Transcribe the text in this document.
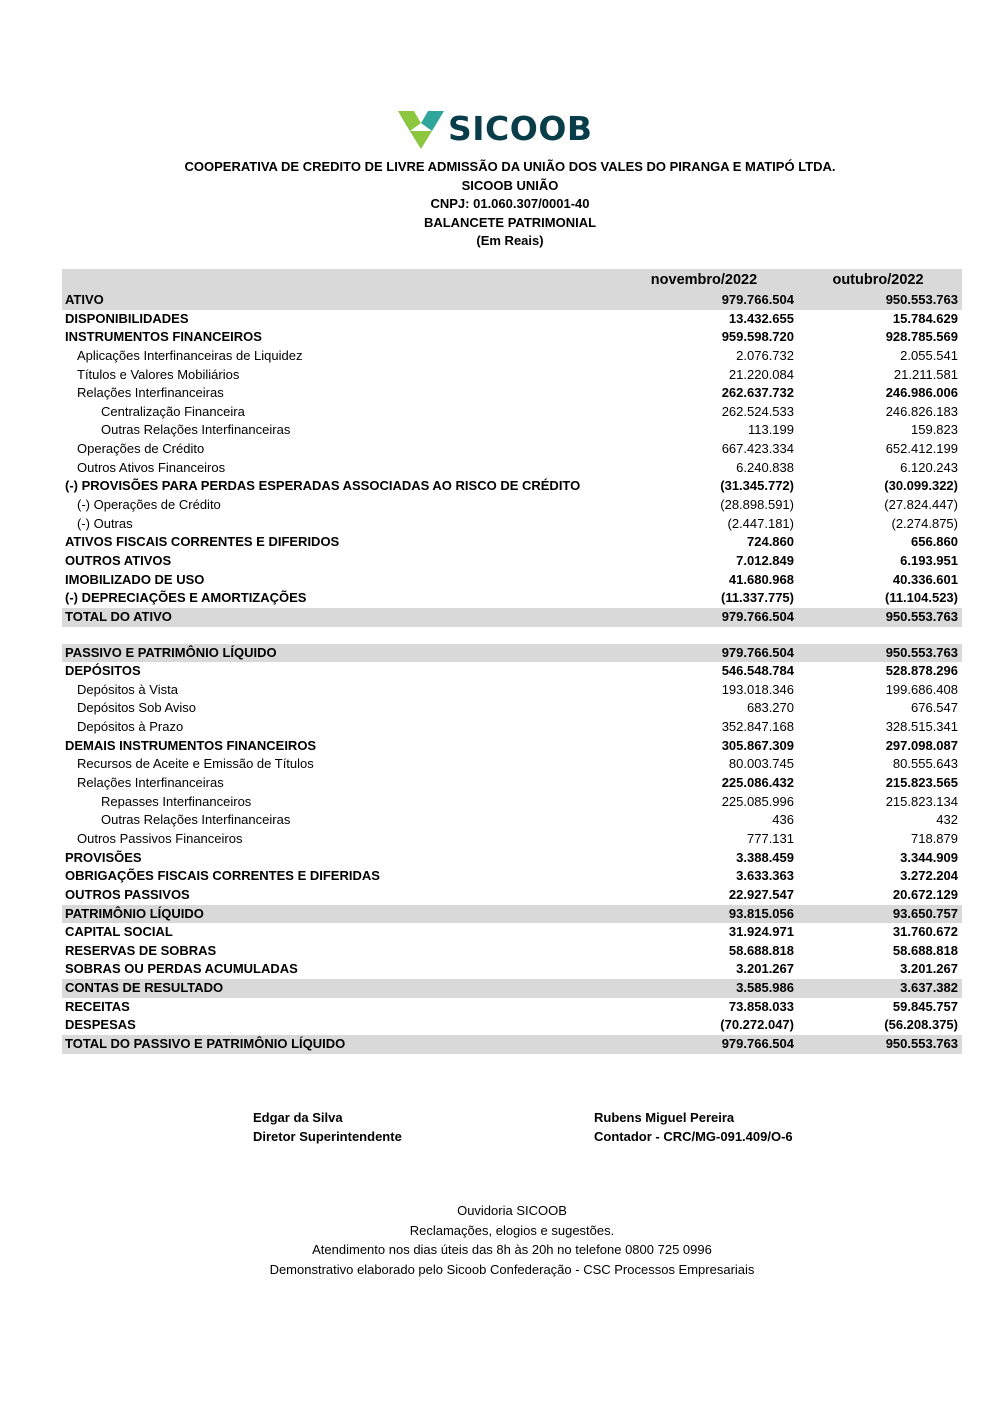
SICOOB
COOPERATIVA DE CREDITO DE LIVRE ADMISSÃO DA UNIÃO DOS VALES DO PIRANGA E MATIPÓ LTDA.
SICOOB UNIÃO
CNPJ: 01.060.307/0001-40
BALANCETE PATRIMONIAL
(Em Reais)
novembro/2022	outubro/2022
ATIVO	979.766.504	950.553.763
DISPONIBILIDADES	13.432.655	15.784.629
INSTRUMENTOS FINANCEIROS	959.598.720	928.785.569
Aplicações Interfinanceiras de Liquidez	2.076.732	2.055.541
Títulos e Valores Mobiliários	21.220.084	21.211.581
Relações Interfinanceiras	262.637.732	246.986.006
Centralização Financeira	262.524.533	246.826.183
Outras Relações Interfinanceiras	113.199	159.823
Operações de Crédito	667.423.334	652.412.199
Outros Ativos Financeiros	6.240.838	6.120.243
(-) PROVISÕES PARA PERDAS ESPERADAS ASSOCIADAS AO RISCO DE CRÉDITO	(31.345.772)	(30.099.322)
(-) Operações de Crédito	(28.898.591)	(27.824.447)
(-) Outras	(2.447.181)	(2.274.875)
ATIVOS FISCAIS CORRENTES E DIFERIDOS	724.860	656.860
OUTROS ATIVOS	7.012.849	6.193.951
IMOBILIZADO DE USO	41.680.968	40.336.601
(-) DEPRECIAÇÕES E AMORTIZAÇÕES	(11.337.775)	(11.104.523)
TOTAL DO ATIVO	979.766.504	950.553.763
PASSIVO E PATRIMÔNIO LÍQUIDO	979.766.504	950.553.763
DEPÓSITOS	546.548.784	528.878.296
Depósitos à Vista	193.018.346	199.686.408
Depósitos Sob Aviso	683.270	676.547
Depósitos à Prazo	352.847.168	328.515.341
DEMAIS INSTRUMENTOS FINANCEIROS	305.867.309	297.098.087
Recursos de Aceite e Emissão de Títulos	80.003.745	80.555.643
Relações Interfinanceiras	225.086.432	215.823.565
Repasses Interfinanceiros	225.085.996	215.823.134
Outras Relações Interfinanceiras	436	432
Outros Passivos Financeiros	777.131	718.879
PROVISÕES	3.388.459	3.344.909
OBRIGAÇÕES FISCAIS CORRENTES E DIFERIDAS	3.633.363	3.272.204
OUTROS PASSIVOS	22.927.547	20.672.129
PATRIMÔNIO LÍQUIDO	93.815.056	93.650.757
CAPITAL SOCIAL	31.924.971	31.760.672
RESERVAS DE SOBRAS	58.688.818	58.688.818
SOBRAS OU PERDAS ACUMULADAS	3.201.267	3.201.267
CONTAS DE RESULTADO	3.585.986	3.637.382
RECEITAS	73.858.033	59.845.757
DESPESAS	(70.272.047)	(56.208.375)
TOTAL DO PASSIVO E PATRIMÔNIO LÍQUIDO	979.766.504	950.553.763
Edgar da Silva
Diretor Superintendente
Rubens Miguel Pereira
Contador - CRC/MG-091.409/O-6
Ouvidoria SICOOB
Reclamações, elogios e sugestões.
Atendimento nos dias úteis das 8h às 20h no telefone 0800 725 0996
Demonstrativo elaborado pelo Sicoob Confederação - CSC Processos Empresariais
